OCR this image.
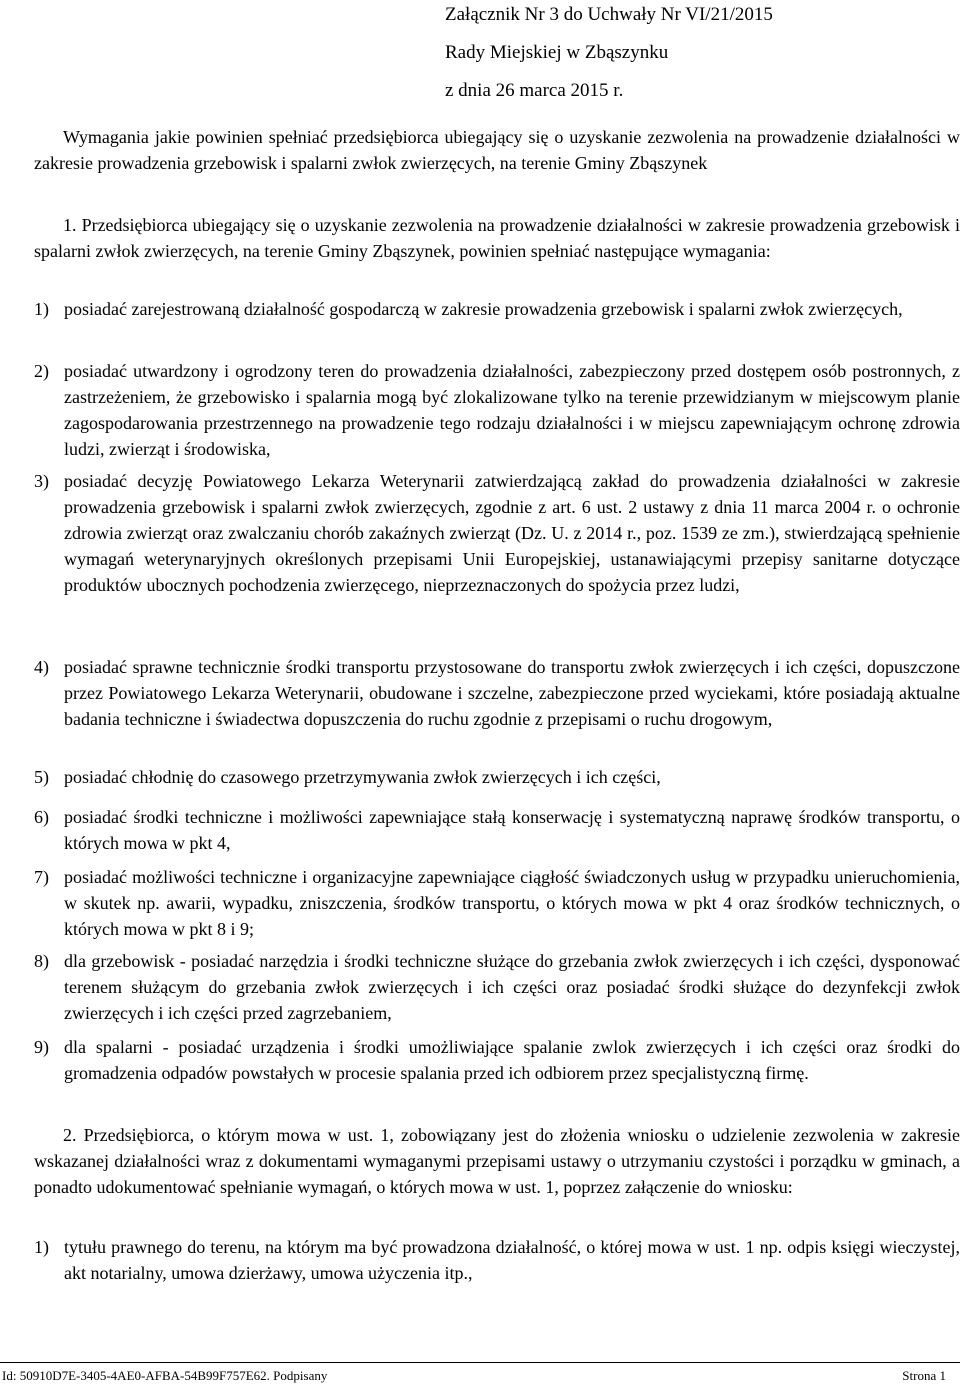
Załącznik Nr 3 do Uchwały Nr VI/21/2015
Rady Miejskiej w Zbąszynku
z dnia 26 marca 2015 r.
Wymagania jakie powinien spełniać przedsiębiorca ubiegający się o uzyskanie zezwolenia na prowadzenie działalności w zakresie prowadzenia grzebowisk i spalarni zwłok zwierzęcych, na terenie Gminy Zbąszynek
1. Przedsiębiorca ubiegający się o uzyskanie zezwolenia na prowadzenie działalności w zakresie prowadzenia grzebowisk i spalarni zwłok zwierzęcych, na terenie Gminy Zbąszynek, powinien spełniać następujące wymagania:
1) posiadać zarejestrowaną działalność gospodarczą w zakresie prowadzenia grzebowisk i spalarni zwłok zwierzęcych,
2) posiadać utwardzony i ogrodzony teren do prowadzenia działalności, zabezpieczony przed dostępem osób postronnych, z zastrzeżeniem, że grzebowisko i spalarnia mogą być zlokalizowane tylko na terenie przewidzianym w miejscowym planie zagospodarowania przestrzennego na prowadzenie tego rodzaju działalności i w miejscu zapewniającym ochronę zdrowia ludzi, zwierząt i środowiska,
3) posiadać decyzję Powiatowego Lekarza Weterynarii zatwierdzającą zakład do prowadzenia działalności w zakresie prowadzenia grzebowisk i spalarni zwłok zwierzęcych, zgodnie z art. 6 ust. 2 ustawy z dnia 11 marca 2004 r. o ochronie zdrowia zwierząt oraz zwalczaniu chorób zakaźnych zwierząt (Dz. U. z 2014 r., poz. 1539 ze zm.), stwierdzającą spełnienie wymagań weterynaryjnych określonych przepisami Unii Europejskiej, ustanawiającymi przepisy sanitarne dotyczące produktów ubocznych pochodzenia zwierzęcego, nieprzeznaczonych do spożycia przez ludzi,
4) posiadać sprawne technicznie środki transportu przystosowane do transportu zwłok zwierzęcych i ich części, dopuszczone przez Powiatowego Lekarza Weterynarii, obudowane i szczelne, zabezpieczone przed wyciekami, które posiadają aktualne badania techniczne i świadectwa dopuszczenia do ruchu zgodnie z przepisami o ruchu drogowym,
5) posiadać chłodnię do czasowego przetrzymywania zwłok zwierzęcych i ich części,
6) posiadać środki techniczne i możliwości zapewniające stałą konserwację i systematyczną naprawę środków transportu, o których mowa w pkt 4,
7) posiadać możliwości techniczne i organizacyjne zapewniające ciągłość świadczonych usług w przypadku unieruchomienia, w skutek np. awarii, wypadku, zniszczenia, środków transportu, o których mowa w pkt 4 oraz środków technicznych, o których mowa w pkt 8 i 9;
8) dla grzebowisk - posiadać narzędzia i środki techniczne służące do grzebania zwłok zwierzęcych i ich części, dysponować terenem służącym do grzebania zwłok zwierzęcych i ich części oraz posiadać środki służące do dezynfekcji zwłok zwierzęcych i ich części przed zagrzebaniem,
9) dla spalarni - posiadać urządzenia i środki umożliwiające spalanie zwlok zwierzęcych i ich części oraz środki do gromadzenia odpadów powstałych w procesie spalania przed ich odbiorem przez specjalistyczną firmę.
2. Przedsiębiorca, o którym mowa w ust. 1, zobowiązany jest do złożenia wniosku o udzielenie zezwolenia w zakresie wskazanej działalności wraz z dokumentami wymaganymi przepisami ustawy o utrzymaniu czystości i porządku w gminach, a ponadto udokumentować spełnianie wymagań, o których mowa w ust. 1, poprzez załączenie do wniosku:
1) tytułu prawnego do terenu, na którym ma być prowadzona działalność, o której mowa w ust. 1 np. odpis księgi wieczystej, akt notarialny, umowa dzierżawy, umowa użyczenia itp.,
Id: 50910D7E-3405-4AE0-AFBA-54B99F757E62. Podpisany	Strona 1
